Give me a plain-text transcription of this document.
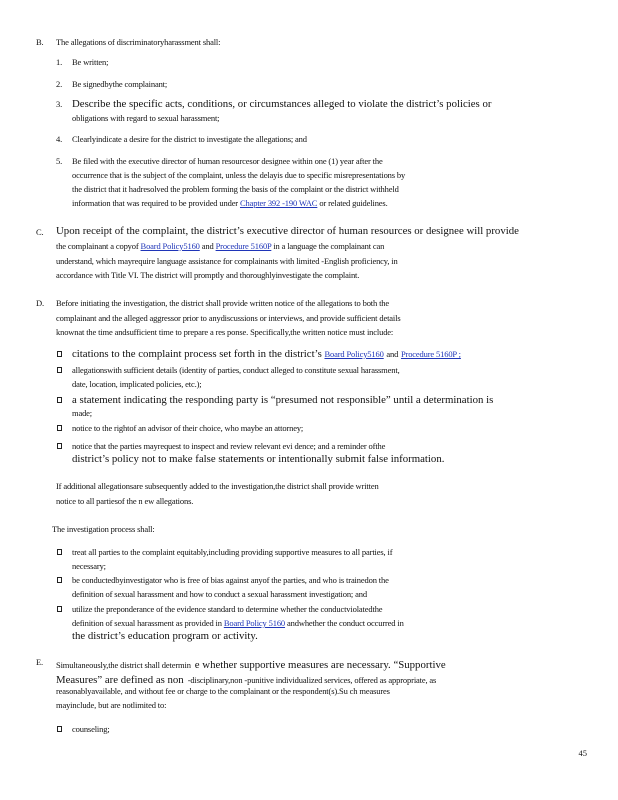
B. The allegations of discriminatoryharassment shall:
1. Be written;
2. Be signedbythe complainant;
3. Describe the specific acts, conditions, or circumstances alleged to violate the district’s policies or
obligations with regard to sexual harassment;
4. Clearlyindicate a desire for the district to investigate the allegations; and
5. Be filed with the executive director of human resourcesor designee within one (1) year after the
occurrence that is the subject of the complaint, unless the delayis due to specific misrepresentations by
the district that it hadresolved the problem forming the basis of the complaint or the district withheld
information that was required to be provided under Chapter 392 -190 WAC or related guidelines.
C. Upon receipt of the complaint, the district’s executive director of human resources or designee will provide
the complainant a copyof Board Policy5160 and Procedure 5160P in a language the complainant can
understand, which mayrequire language assistance for complainants with limited -English proficiency, in
accordance with Title VI. The district will promptly and thoroughlyinvestigate the complaint.
D. Before initiating the investigation, the district shall provide written notice of the allegations to both the
complainant and the alleged aggressor prior to anydiscussions or interviews, and provide sufficient details
knownat the time andsufficient time to prepare a res ponse. Specifically,the written notice must include:
citations to the complaint process set forth in the district’s Board Policy5160 and Procedure 5160P ;
allegationswith sufficient details (identity of parties, conduct alleged to constitute sexual harassment,
date, location, implicated policies, etc.);
a statement indicating the responding party is “presumed not responsible” until a determination is
made;
notice to the rightof an advisor of their choice, who maybe an attorney;
notice that the parties mayrequest to inspect and review relevant evi dence; and a reminder ofthe
district’s policy not to make false statements or intentionally submit false information.
If additional allegationsare subsequently added to the investigation,the district shall provide written
notice to all partiesof the n ew allegations.
The investigation process shall:
treat all parties to the complaint equitably,including providing supportive measures to all parties, if
necessary;
be conductedbyinvestigator who is free of bias against anyof the parties, and who is trainedon the
definition of sexual harassment and how to conduct a sexual harassment investigation; and
utilize the preponderance of the evidence standard to determine whether the conductviolatedthe
definition of sexual harassment as provided in Board Policy 5160 andwhether the conduct occurred in
the district’s education program or activity.
E. Simultaneously,the district shall determin e whether supportive measures are necessary. “Supportive
Measures” are defined as non -disciplinary,non -punitive individualized services, offered as appropriate, as
reasonablyavailable, and without fee or charge to the complainant or the respondent(s).Su ch measures
mayinclude, but are notlimited to:
counseling;
45
